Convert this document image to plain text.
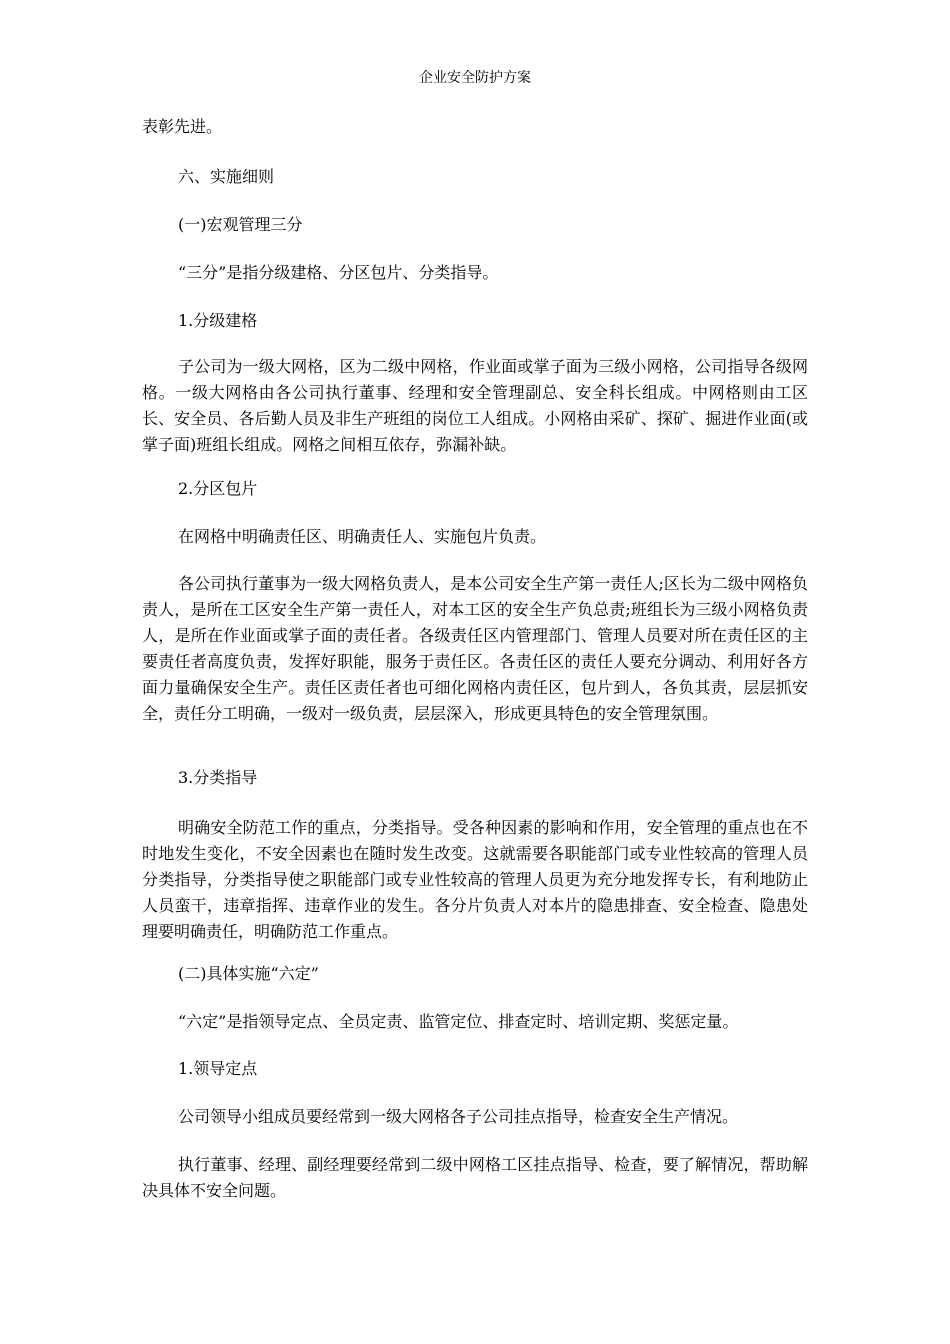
企业安全防护方案

表彰先进。

六、实施细则

(一)宏观管理三分

“三分”是指分级建格、分区包片、分类指导。

1.分级建格

子公司为一级大网格，区为二级中网格，作业面或掌子面为三级小网格，公司指导各级网格。一级大网格由各公司执行董事、经理和安全管理副总、安全科长组成。中网格则由工区长、安全员、各后勤人员及非生产班组的岗位工人组成。小网格由采矿、探矿、掘进作业面(或掌子面)班组长组成。网格之间相互依存，弥漏补缺。

2.分区包片

在网格中明确责任区、明确责任人、实施包片负责。

各公司执行董事为一级大网格负责人，是本公司安全生产第一责任人;区长为二级中网格负责人，是所在工区安全生产第一责任人，对本工区的安全生产负总责;班组长为三级小网格负责人，是所在作业面或掌子面的责任者。各级责任区内管理部门、管理人员要对所在责任区的主要责任者高度负责，发挥好职能，服务于责任区。各责任区的责任人要充分调动、利用好各方面力量确保安全生产。责任区责任者也可细化网格内责任区，包片到人，各负其责，层层抓安全，责任分工明确，一级对一级负责，层层深入，形成更具特色的安全管理氛围。

3.分类指导

明确安全防范工作的重点，分类指导。受各种因素的影响和作用，安全管理的重点也在不时地发生变化，不安全因素也在随时发生改变。这就需要各职能部门或专业性较高的管理人员分类指导，分类指导使之职能部门或专业性较高的管理人员更为充分地发挥专长，有利地防止人员蛮干，违章指挥、违章作业的发生。各分片负责人对本片的隐患排查、安全检查、隐患处理要明确责任，明确防范工作重点。

(二)具体实施“六定”

“六定”是指领导定点、全员定责、监管定位、排查定时、培训定期、奖惩定量。

1.领导定点

公司领导小组成员要经常到一级大网格各子公司挂点指导，检查安全生产情况。

执行董事、经理、副经理要经常到二级中网格工区挂点指导、检查，要了解情况，帮助解决具体不安全问题。
